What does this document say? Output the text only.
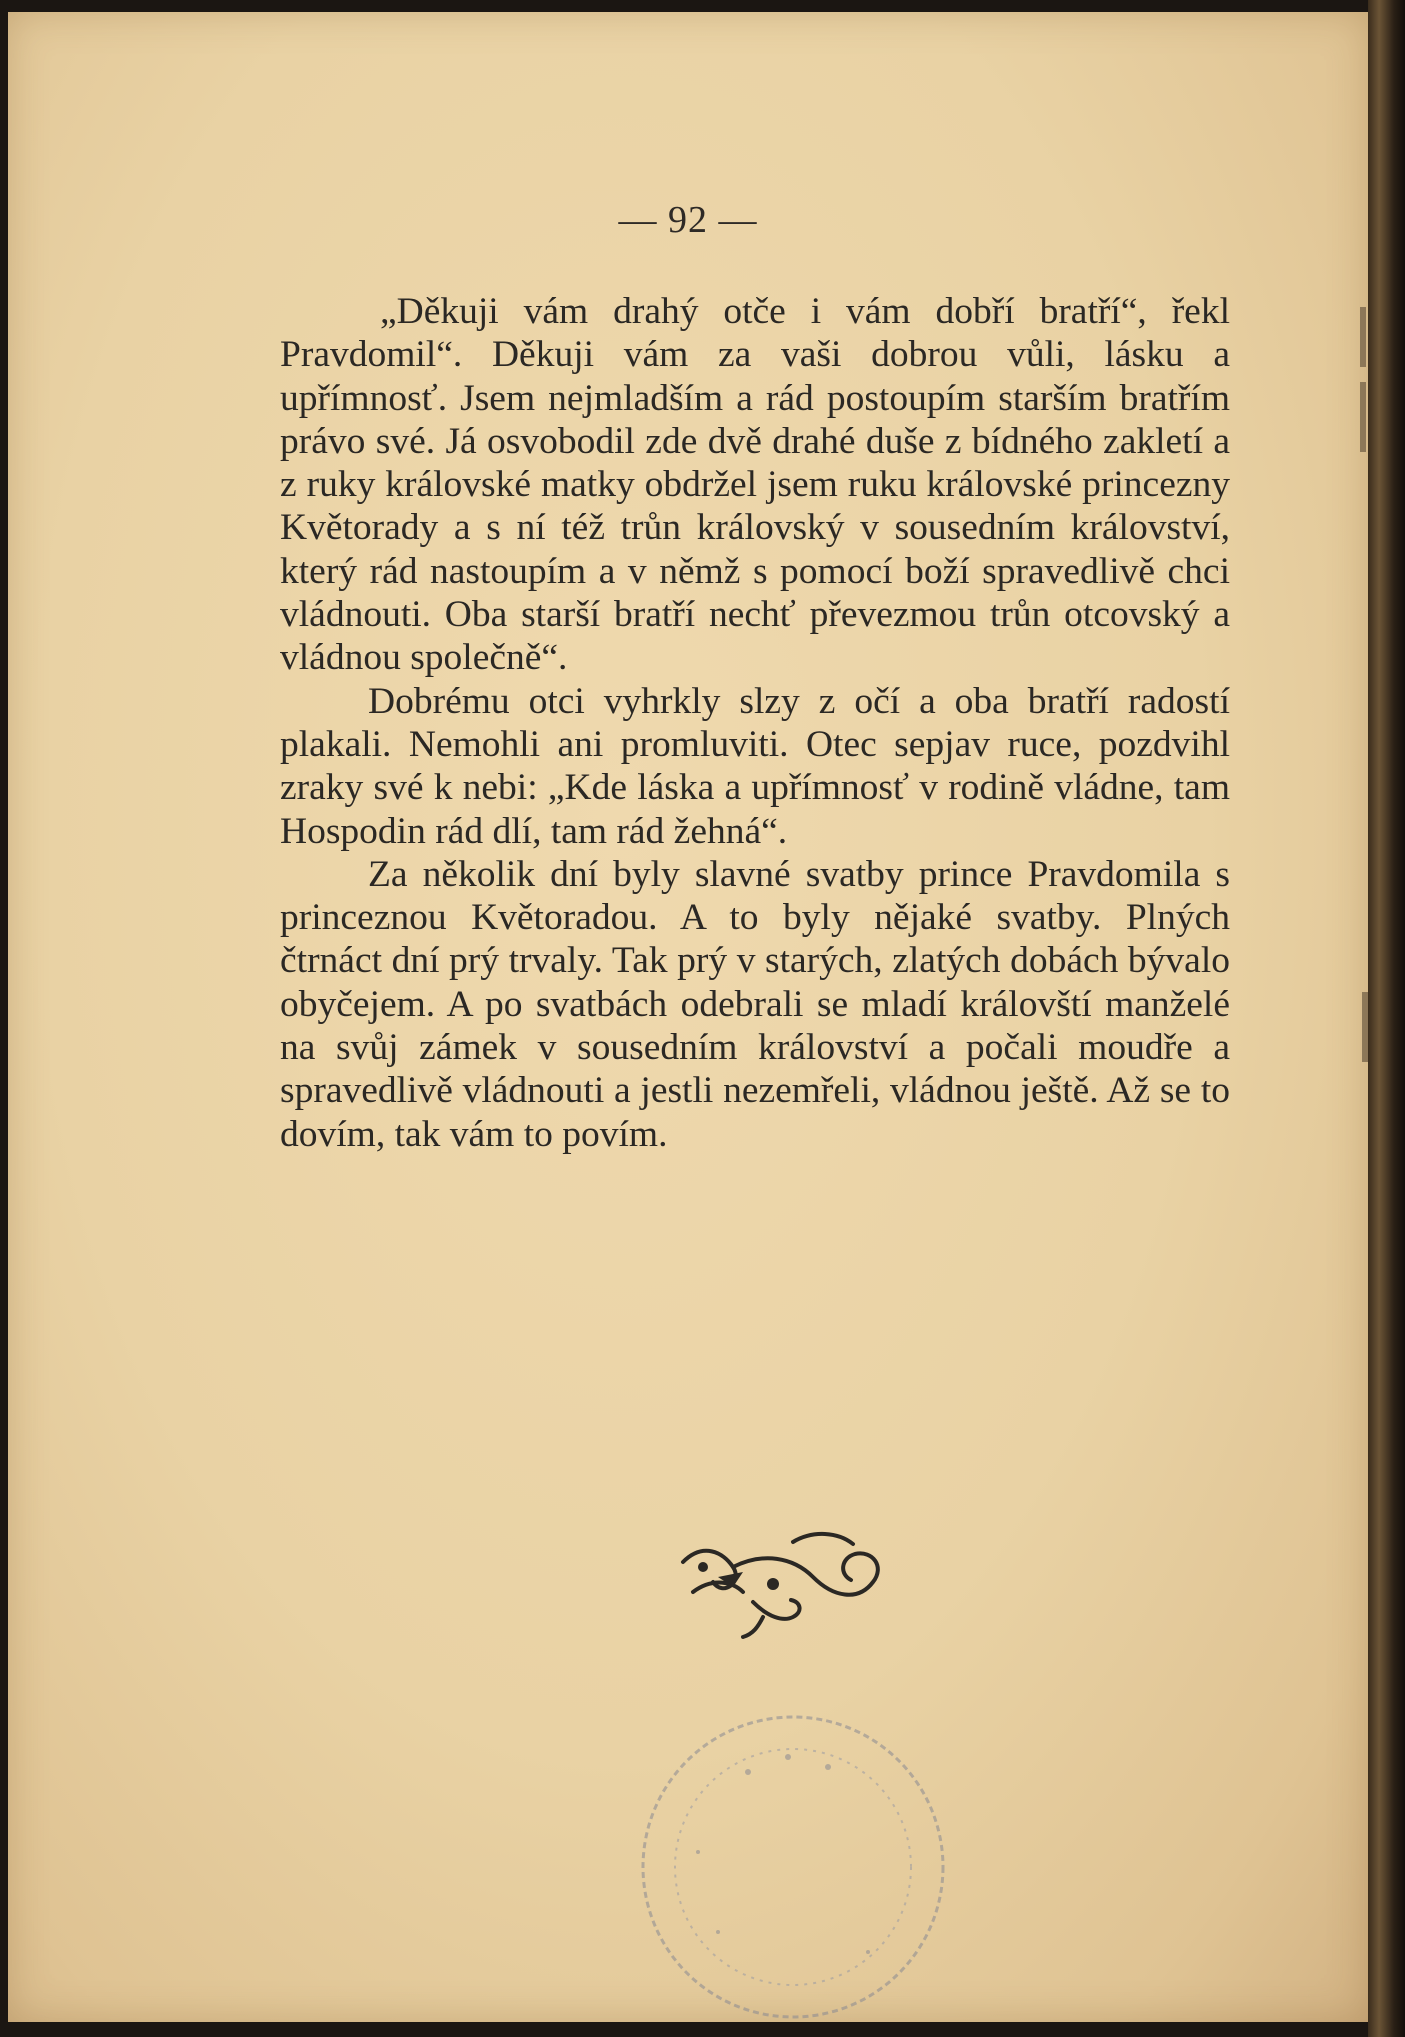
— 92 —

„Děkuji vám drahý otče i vám dobří bratří“, řekl Pravdomil“. Děkuji vám za vaši dobrou vůli, lásku a upřímnosť. Jsem nejmladším a rád postoupím starším bratřím právo své. Já osvobodil zde dvě drahé duše z bídného zakletí a z ruky královské matky obdržel jsem ruku královské princezny Květorady a s ní též trůn královský v sousedním království, který rád nastoupím a v němž s pomocí boží spravedlivě chci vládnouti. Oba starší bratří nechť převezmou trůn otcovský a vládnou společně“.

Dobrému otci vyhrkly slzy z očí a oba bratří radostí plakali. Nemohli ani promluviti. Otec sepjav ruce, pozdvihl zraky své k nebi: „Kde láska a upřímnosť v rodině vládne, tam Hospodin rád dlí, tam rád žehná“.

Za několik dní byly slavné svatby prince Pravdomila s princeznou Květoradou. A to byly nějaké svatby. Plných čtrnáct dní prý trvaly. Tak prý v starých, zlatých dobách bývalo obyčejem. A po svatbách odebrali se mladí královští manželé na svůj zámek v sousedním království a počali moudře a spravedlivě vládnouti a jestli nezemřeli, vládnou ještě. Až se to dovím, tak vám to povím.
